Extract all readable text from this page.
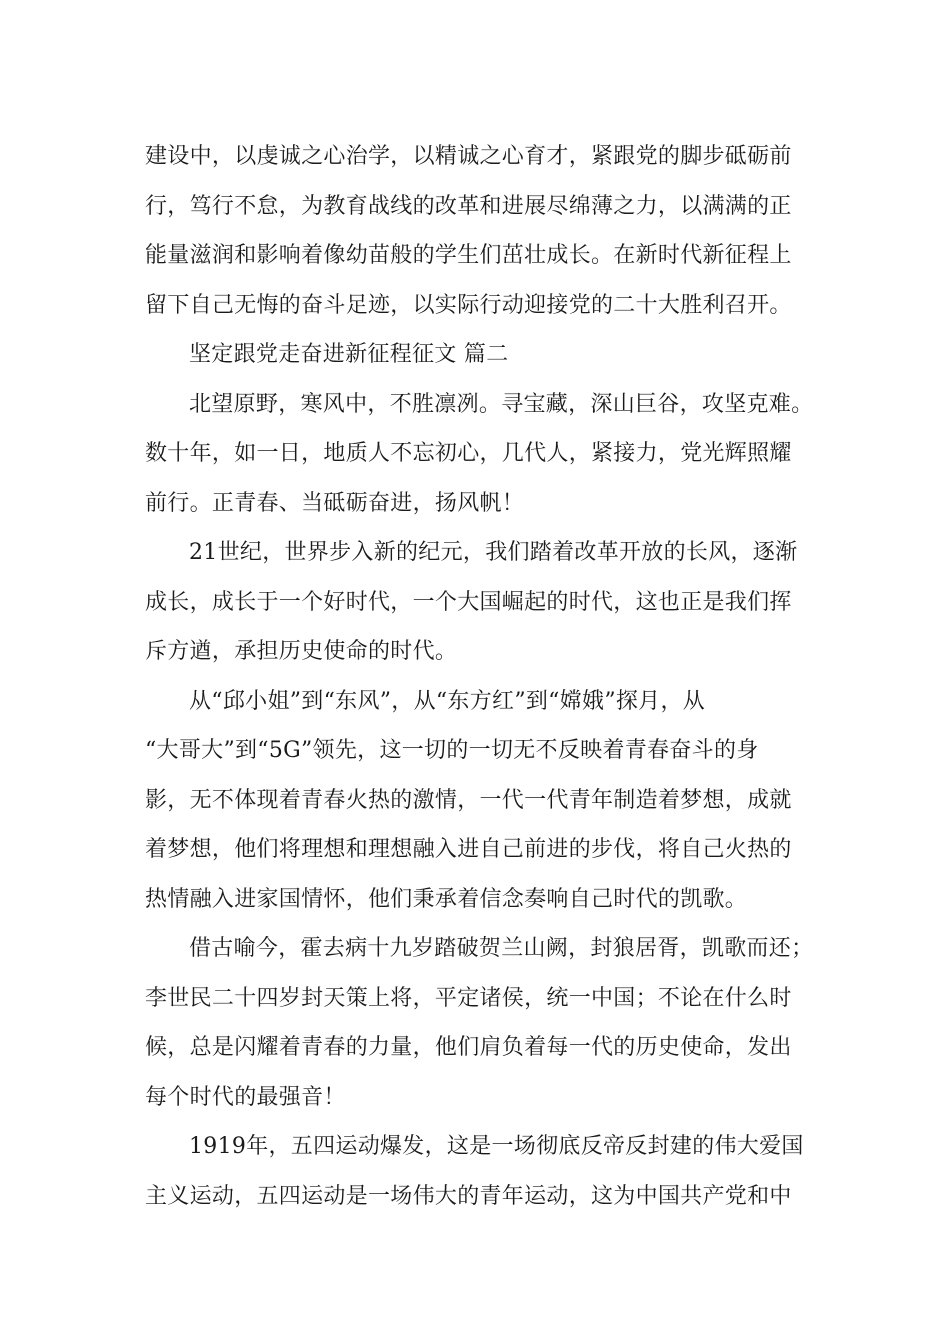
建设中，以虔诚之心治学，以精诚之心育才，紧跟党的脚步砥砺前
行，笃行不怠，为教育战线的改革和进展尽绵薄之力，以满满的正
能量滋润和影响着像幼苗般的学生们茁壮成长。在新时代新征程上
留下自己无悔的奋斗足迹，以实际行动迎接党的二十大胜利召开。
坚定跟党走奋进新征程征文 篇二
北望原野，寒风中，不胜凛冽。寻宝藏，深山巨谷，攻坚克难。
数十年，如一日，地质人不忘初心，几代人，紧接力，党光辉照耀
前行。正青春、当砥砺奋进，扬风帆！
21世纪，世界步入新的纪元，我们踏着改革开放的长风，逐渐
成长，成长于一个好时代，一个大国崛起的时代，这也正是我们挥
斥方遒，承担历史使命的时代。
从“邱小姐”到“东风”，从“东方红”到“嫦娥”探月，从
“大哥大”到“5G”领先，这一切的一切无不反映着青春奋斗的身
影，无不体现着青春火热的激情，一代一代青年制造着梦想，成就
着梦想，他们将理想和理想融入进自己前进的步伐，将自己火热的
热情融入进家国情怀，他们秉承着信念奏响自己时代的凯歌。
借古喻今，霍去病十九岁踏破贺兰山阙，封狼居胥，凯歌而还；
李世民二十四岁封天策上将，平定诸侯，统一中国；不论在什么时
候，总是闪耀着青春的力量，他们肩负着每一代的历史使命，发出
每个时代的最强音！
1919年，五四运动爆发，这是一场彻底反帝反封建的伟大爱国
主义运动，五四运动是一场伟大的青年运动，这为中国共产党和中
